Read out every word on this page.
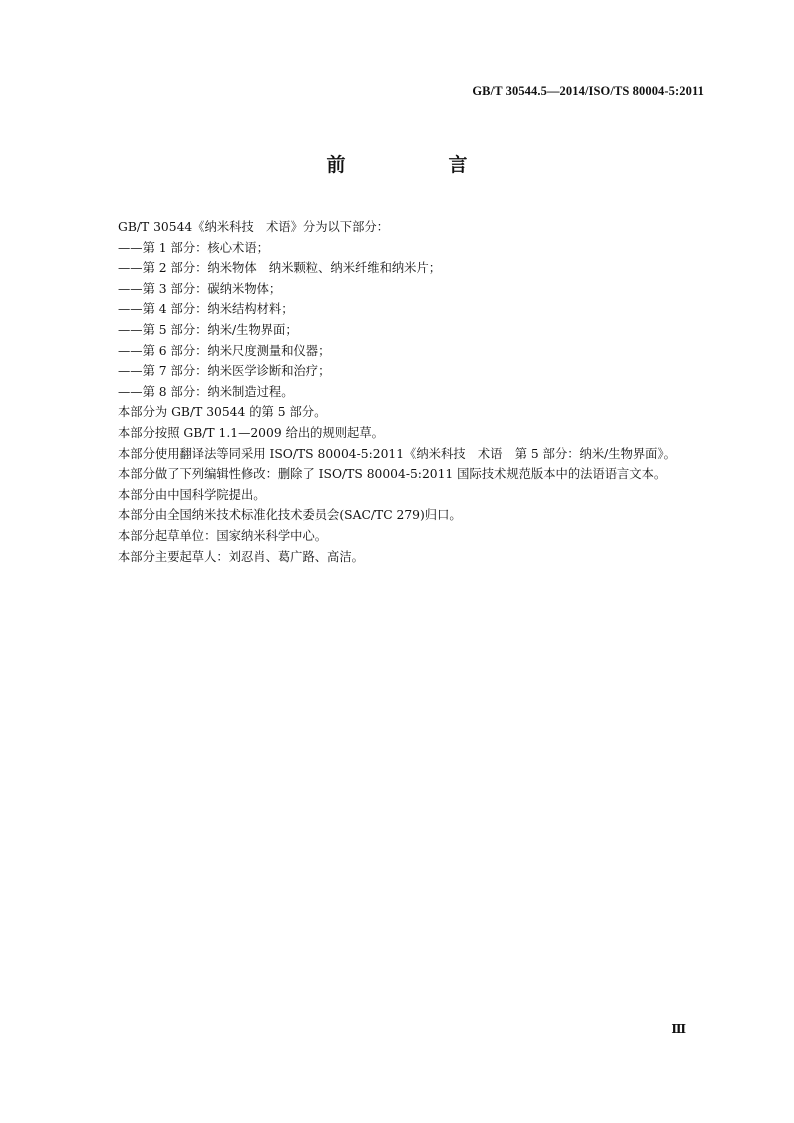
GB/T 30544.5—2014/ISO/TS 80004-5:2011
前　言
GB/T 30544《纳米科技　术语》分为以下部分：
——第 1 部分：核心术语；
——第 2 部分：纳米物体　纳米颗粒、纳米纤维和纳米片；
——第 3 部分：碳纳米物体；
——第 4 部分：纳米结构材料；
——第 5 部分：纳米/生物界面；
——第 6 部分：纳米尺度测量和仪器；
——第 7 部分：纳米医学诊断和治疗；
——第 8 部分：纳米制造过程。
本部分为 GB/T 30544 的第 5 部分。
本部分按照 GB/T 1.1—2009 给出的规则起草。
本部分使用翻译法等同采用 ISO/TS 80004-5:2011《纳米科技　术语　第 5 部分：纳米/生物界面》。
本部分做了下列编辑性修改：删除了 ISO/TS 80004-5:2011 国际技术规范版本中的法语语言文本。
本部分由中国科学院提出。
本部分由全国纳米技术标准化技术委员会(SAC/TC 279)归口。
本部分起草单位：国家纳米科学中心。
本部分主要起草人：刘忍肖、葛广路、高洁。
Ⅲ
